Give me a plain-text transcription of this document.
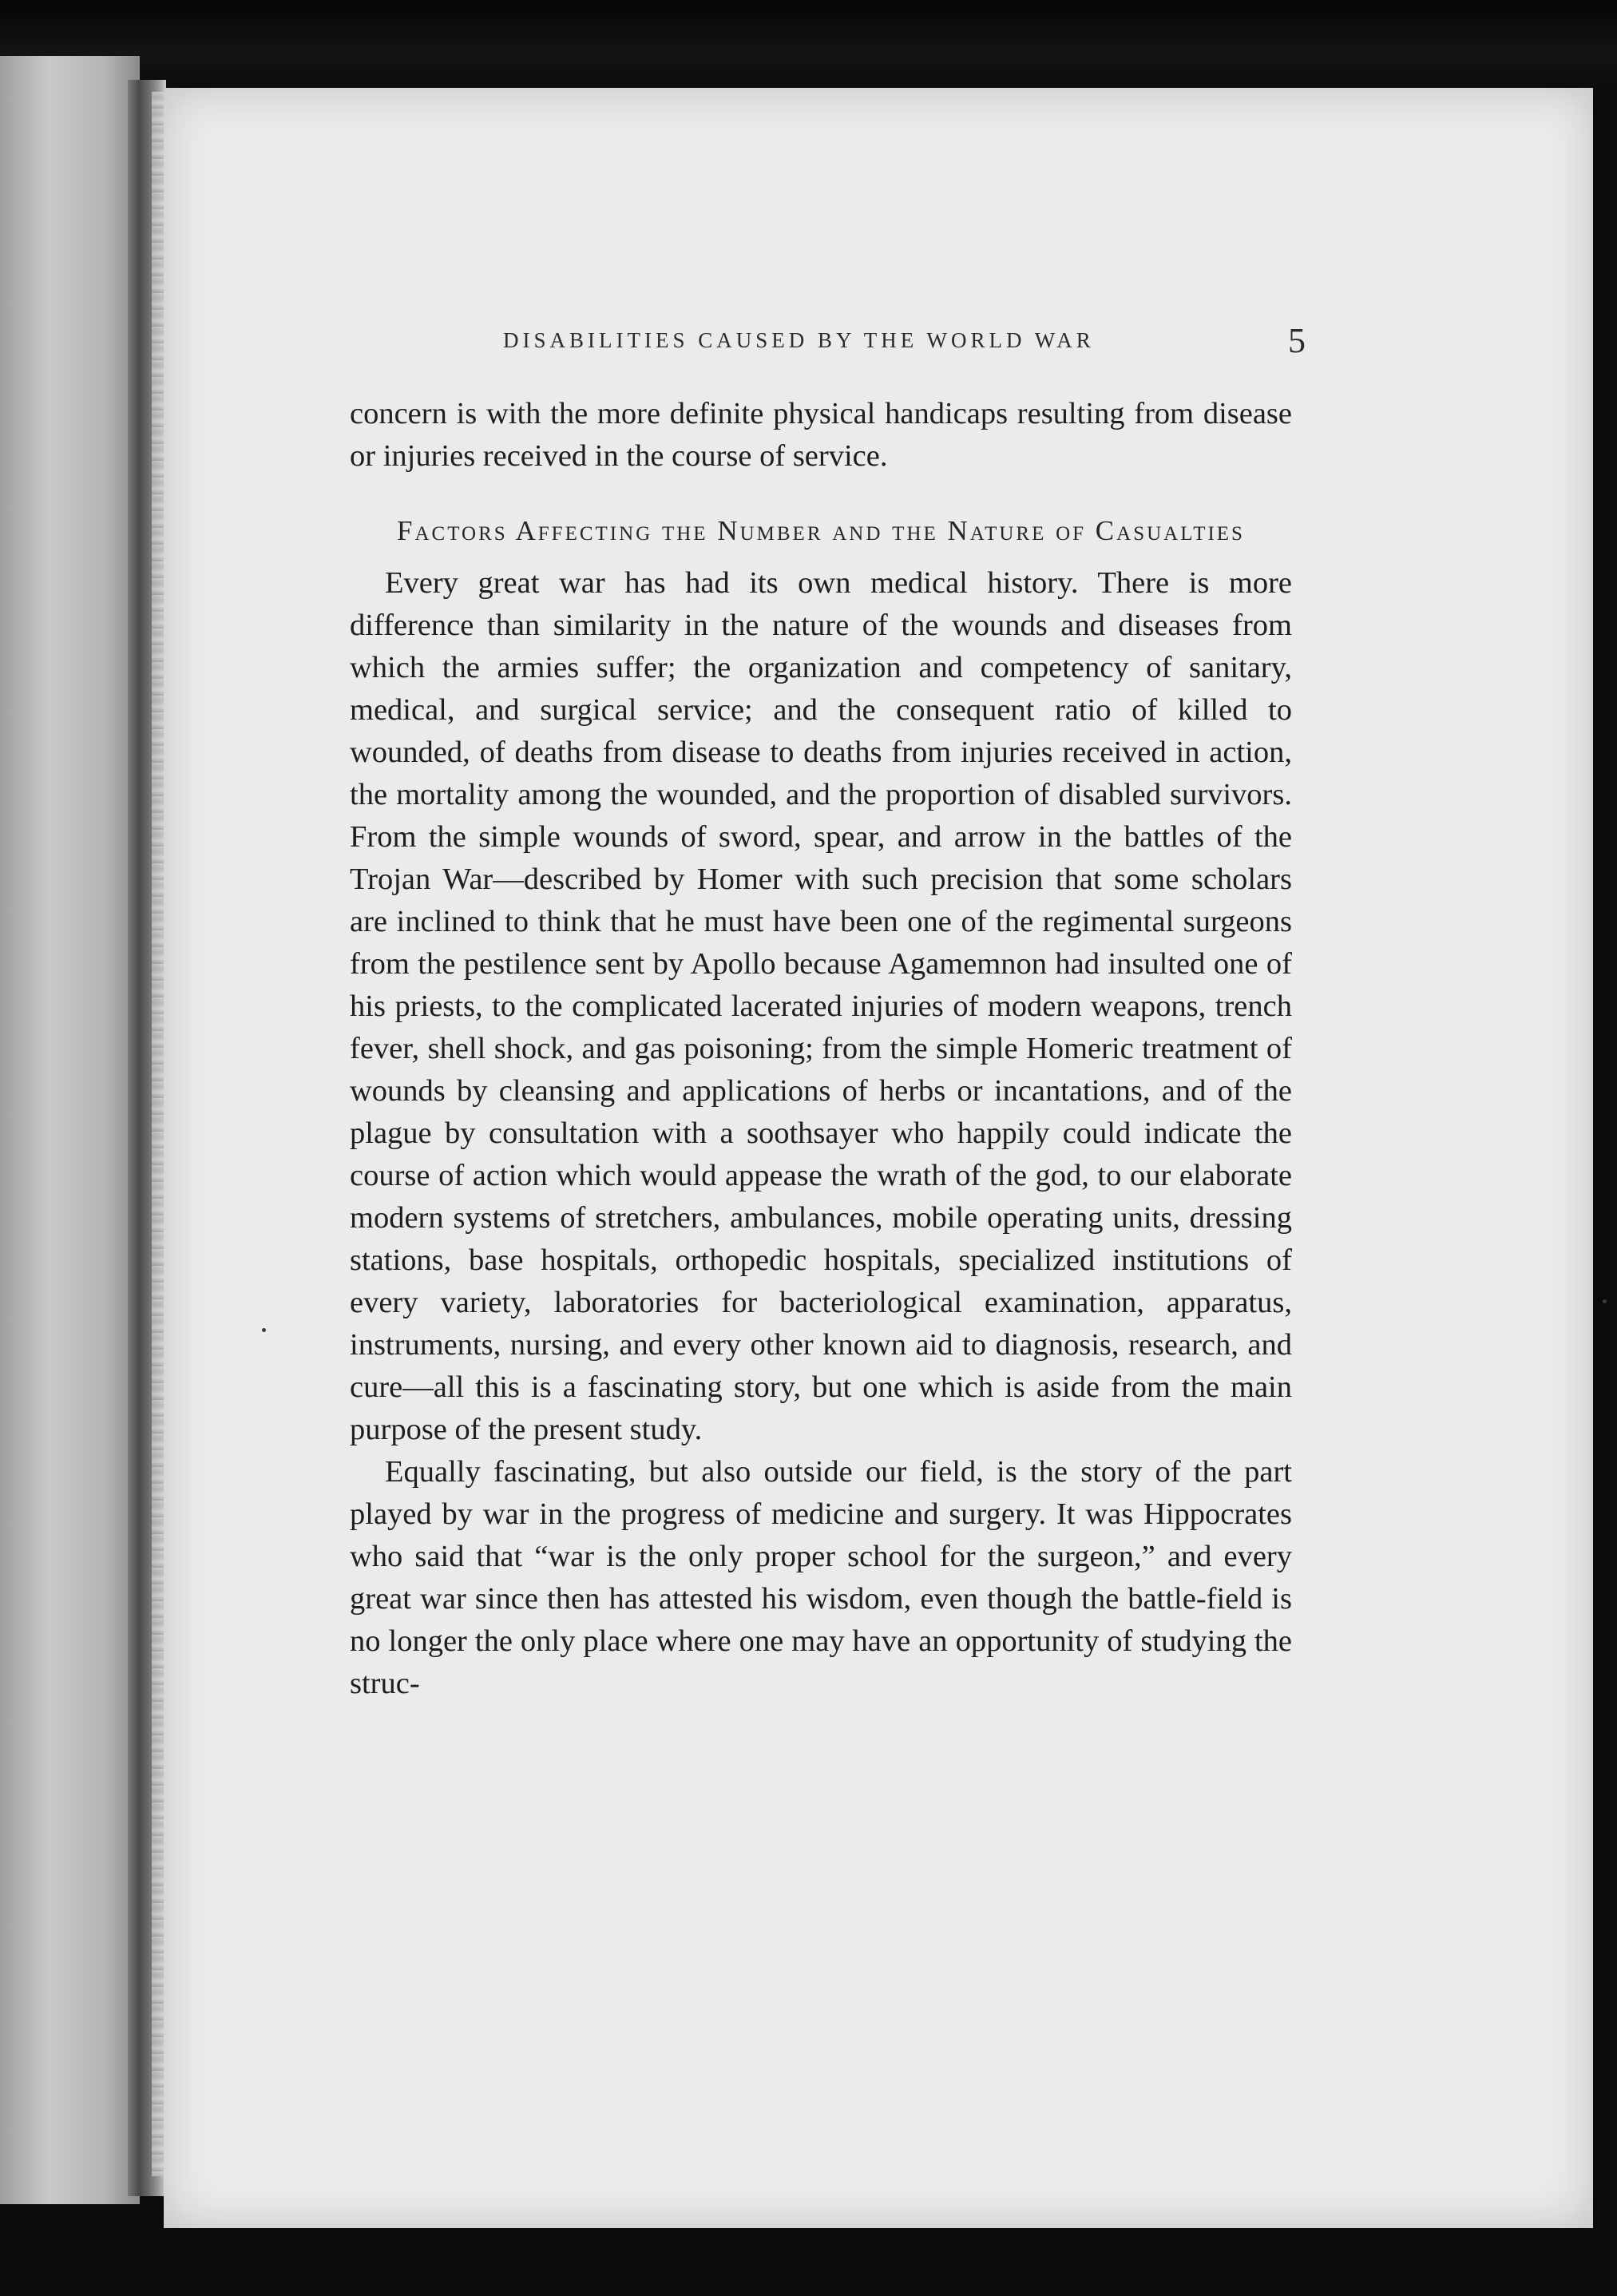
DISABILITIES CAUSED BY THE WORLD WAR	5

concern is with the more definite physical handicaps resulting from disease or injuries received in the course of service.

Factors Affecting the Number and the Nature of Casualties

Every great war has had its own medical history. There is more difference than similarity in the nature of the wounds and diseases from which the armies suffer; the organization and competency of sanitary, medical, and surgical service; and the consequent ratio of killed to wounded, of deaths from disease to deaths from injuries received in action, the mortality among the wounded, and the proportion of disabled survivors. From the simple wounds of sword, spear, and arrow in the battles of the Trojan War—described by Homer with such precision that some scholars are inclined to think that he must have been one of the regimental surgeons from the pestilence sent by Apollo because Agamemnon had insulted one of his priests, to the complicated lacerated injuries of modern weapons, trench fever, shell shock, and gas poisoning; from the simple Homeric treatment of wounds by cleansing and applications of herbs or incantations, and of the plague by consultation with a soothsayer who happily could indicate the course of action which would appease the wrath of the god, to our elaborate modern systems of stretchers, ambulances, mobile operating units, dressing stations, base hospitals, orthopedic hospitals, specialized institutions of every variety, laboratories for bacteriological examination, apparatus, instruments, nursing, and every other known aid to diagnosis, research, and cure—all this is a fascinating story, but one which is aside from the main purpose of the present study.

Equally fascinating, but also outside our field, is the story of the part played by war in the progress of medicine and surgery. It was Hippocrates who said that “war is the only proper school for the surgeon,” and every great war since then has attested his wisdom, even though the battle-field is no longer the only place where one may have an opportunity of studying the struc-
